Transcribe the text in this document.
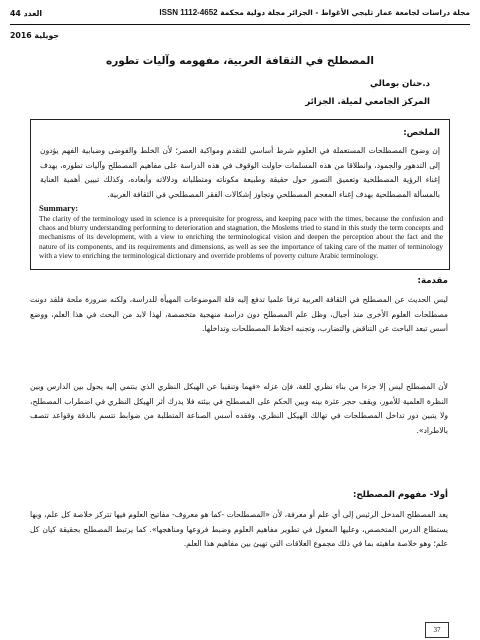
العدد 44
جويلية 2016
مجلة دراسات لجامعة عمار ثليجي الأغواط - الجزائر مجلة دولية محكمة ISSN 1112-4652
المصطلح في الثقافة العربية، مفهومه وآليات تطوره
د.حنان بومالي
المركز الجامعي لميلة. الجزائر
الملخص:
إن وضوح المصطلحات المستعملة في العلوم شرط أساسي للتقدم ومواكبة العصر؛ لأن الخلط والفوضى وضبابية الفهم يؤدون إلى التدهور والجمود، وانطلاقا من هذه المسلمات حاولت الوقوف في هذه الدراسة على مفاهيم المصطلح وآليات تطوره، بهدف إغناء الرؤية المصطلحية وتعميق التصور حول حقيقة وطبيعة مكوناته ومتطلباته ودلالاته وأبعاده، وكذلك تبيين أهمية العناية بالمسألة المصطلحية بهدف إغناء المعجم المصطلحي وتجاوز إشكالات الفقر المصطلحي في الثقافة العربية.
Summary:
The clarity of the terminology used in science is a prerequisite for progress, and keeping pace with the times, because the confusion and chaos and blurry understanding performing to deterioration and stagnation, the Moslems tried to stand in this study the term concepts and mechanisms of its development, with a view to enriching the terminological vision and deepen the perception about the fact and the nature of its components, and its requirements and dimensions, as well as see the importance of taking care of the matter of terminology with a view to enriching the terminological dictionary and override problems of poverty culture Arabic terminology.
مقدمة:
ليس الحديث عن المصطلح في الثقافة العربية ترفا علميا تدفع إليه قلة الموضوعات المهيأة للدراسة، ولكنه ضرورة ملحة فلقد دونت مصطلحات العلوم الأخرى منذ أجيال، وظل علم المصطلح دون دراسة منهجية متخصصة، لهذا لابد من البحث في هذا العلم، ووضع أسس تبعد الباحث عن التناقض والتضارب، وتجنبه اختلاط المصطلحات وتداخلها.
لأن المصطلح ليس إلا جزءا من بناء نظري للغة، فإن عزله «فهما وتنقيبا عن الهيكل النظري الذي ينتمي إليه يحول بين الدارس وبين النظرة العلمية للأمور، ويقف حجر عثرة بينه وبين الحكم على المصطلح في بيئته فلا يدرك أثر الهيكل النظري في اضطراب المصطلح، ولا يتبين دور تداخل المصطلحات في تهالك الهيكل النظري، وفقده أسس الصناعة المتطلبة من ضوابط تتسم بالدقة وقواعد تتصف بالاطراد».
أولا- مفهوم المصطلح:
يعد المصطلح المدخل الرئيس إلى أي علم أو معرفة، لأن «المصطلحات -كما هو معروف- مفاتيح العلوم فيها تتركز خلاصة كل علم، وبها يستطاع الدرس المتخصص، وعليها المعول في تطوير مفاهيم العلوم وضبط فروعها ومناهجها». كما يرتبط المصطلح بحقيقة كيان كل علم؛ وهو خلاصة ماهيته بما في ذلك مجموع العلاقات التي تهيئ بين مفاهيم هذا العلم.
37
